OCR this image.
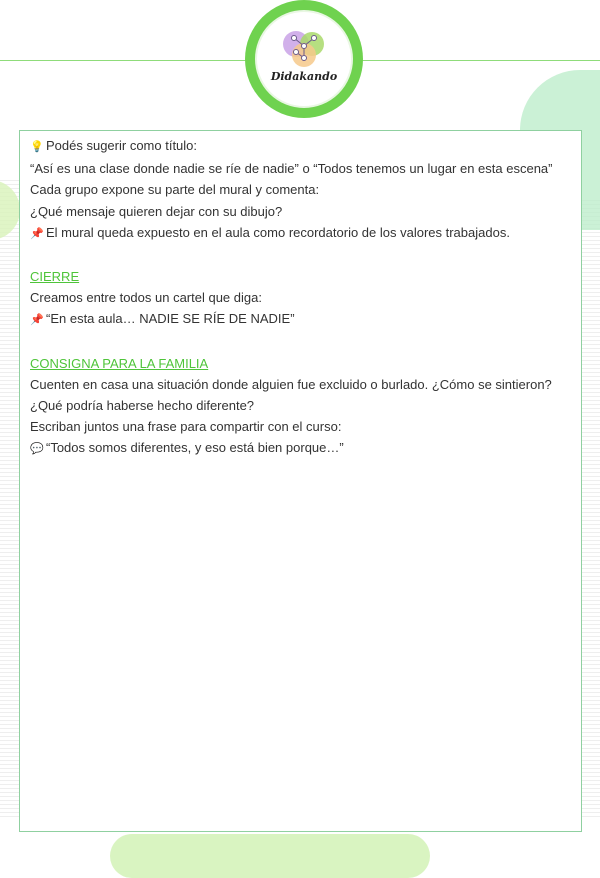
Didakando
💡 Podés sugerir como título:
“Así es una clase donde nadie se ríe de nadie” o “Todos tenemos un lugar en esta escena”
Cada grupo expone su parte del mural y comenta:
¿Qué mensaje quieren dejar con su dibujo?
📌 El mural queda expuesto en el aula como recordatorio de los valores trabajados.
CIERRE
Creamos entre todos un cartel que diga:
📌 “En esta aula… NADIE SE RÍE DE NADIE”
CONSIGNA PARA LA FAMILIA
Cuenten en casa una situación donde alguien fue excluido o burlado. ¿Cómo se sintieron?
¿Qué podría haberse hecho diferente?
Escriban juntos una frase para compartir con el curso:
💬 “Todos somos diferentes, y eso está bien porque…”
